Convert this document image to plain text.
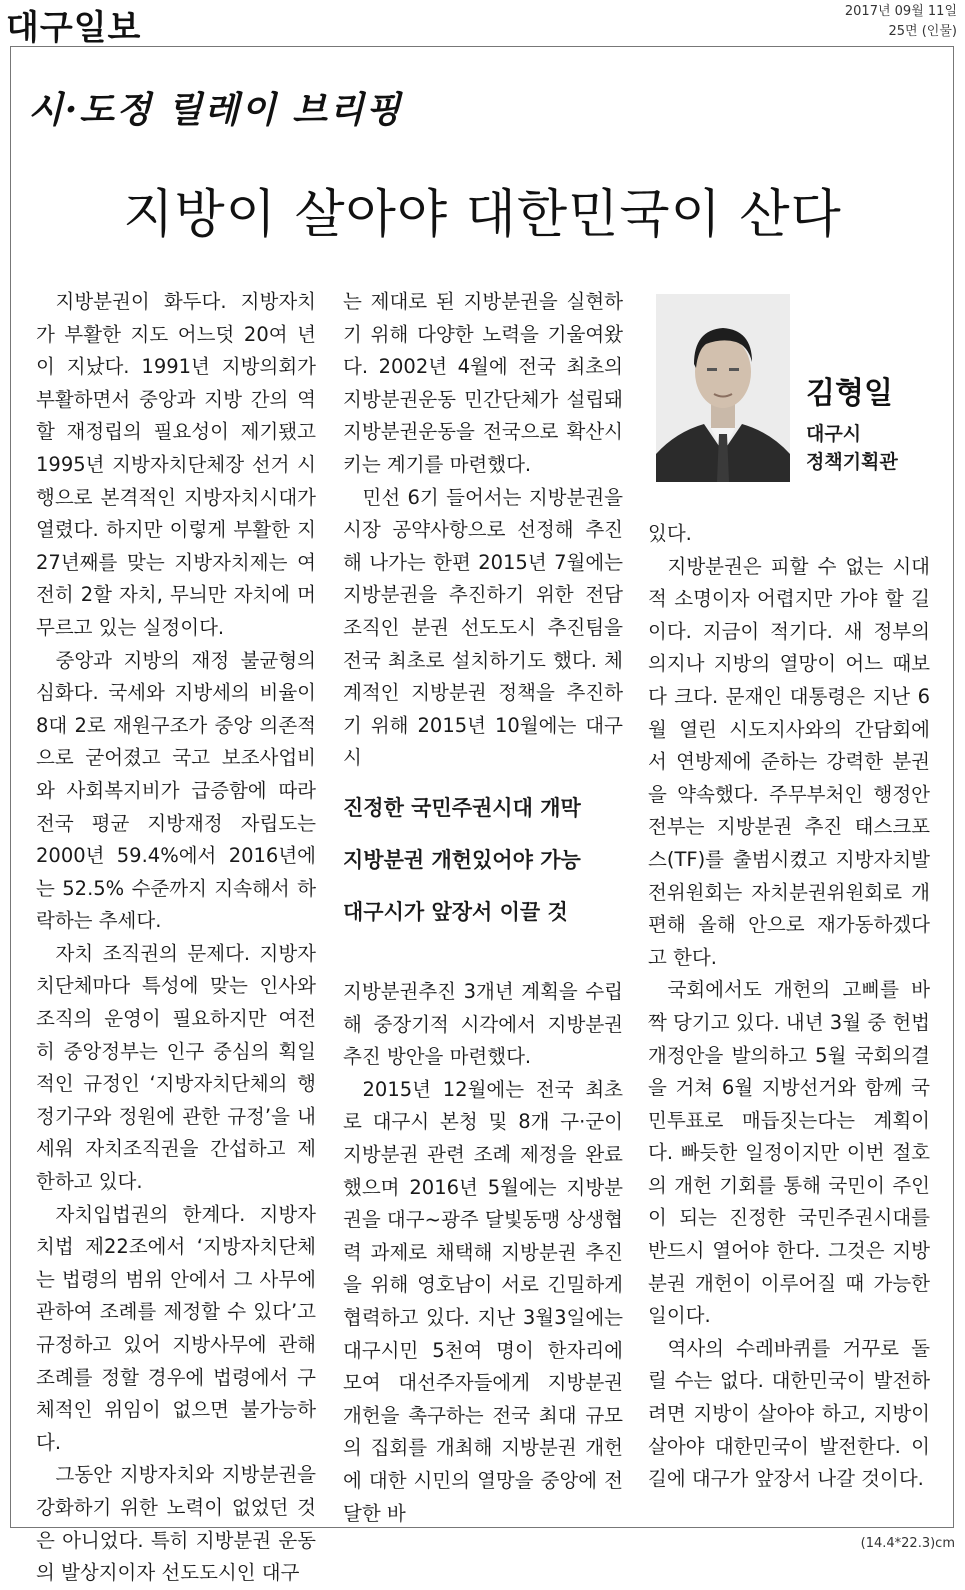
대구일보	2017년 09월 11일
25면 (인물)
시·도정 릴레이 브리핑
지방이 살아야 대한민국이 산다

지방분권이 화두다. 지방자치가 부활한 지도 어느덧 20여 년이 지났다. 1991년 지방의회가 부활하면서 중앙과 지방 간의 역할 재정립의 필요성이 제기됐고 1995년 지방자치단체장 선거 시행으로 본격적인 지방자치시대가 열렸다. 하지만 이렇게 부활한 지 27년째를 맞는 지방자치제는 여전히 2할 자치, 무늬만 자치에 머무르고 있는 실정이다.

중앙과 지방의 재정 불균형의 심화다. 국세와 지방세의 비율이 8대 2로 재원구조가 중앙 의존적으로 굳어졌고 국고 보조사업비와 사회복지비가 급증함에 따라 전국 평균 지방재정 자립도는 2000년 59.4%에서 2016년에는 52.5% 수준까지 지속해서 하락하는 추세다.

자치 조직권의 문제다. 지방자치단체마다 특성에 맞는 인사와 조직의 운영이 필요하지만 여전히 중앙정부는 인구 중심의 획일적인 규정인 ‘지방자치단체의 행정기구와 정원에 관한 규정’을 내세워 자치조직권을 간섭하고 제한하고 있다.

자치입법권의 한계다. 지방자치법 제22조에서 ‘지방자치단체는 법령의 범위 안에서 그 사무에 관하여 조례를 제정할 수 있다’고 규정하고 있어 지방사무에 관해 조례를 정할 경우에 법령에서 구체적인 위임이 없으면 불가능하다.

그동안 지방자치와 지방분권을 강화하기 위한 노력이 없었던 것은 아니었다. 특히 지방분권 운동의 발상지이자 선도도시인 대구

는 제대로 된 지방분권을 실현하기 위해 다양한 노력을 기울여왔다. 2002년 4월에 전국 최초의 지방분권운동 민간단체가 설립돼 지방분권운동을 전국으로 확산시키는 계기를 마련했다.

민선 6기 들어서는 지방분권을 시장 공약사항으로 선정해 추진해 나가는 한편 2015년 7월에는 지방분권을 추진하기 위한 전담 조직인 분권 선도도시 추진팀을 전국 최초로 설치하기도 했다. 체계적인 지방분권 정책을 추진하기 위해 2015년 10월에는 대구시

진정한 국민주권시대 개막
지방분권 개헌있어야 가능
대구시가 앞장서 이끌 것

지방분권추진 3개년 계획을 수립해 중장기적 시각에서 지방분권 추진 방안을 마련했다.

2015년 12월에는 전국 최초로 대구시 본청 및 8개 구·군이 지방분권 관련 조례 제정을 완료했으며 2016년 5월에는 지방분권을 대구~광주 달빛동맹 상생협력 과제로 채택해 지방분권 추진을 위해 영호남이 서로 긴밀하게 협력하고 있다. 지난 3월3일에는 대구시민 5천여 명이 한자리에 모여 대선주자들에게 지방분권 개헌을 촉구하는 전국 최대 규모의 집회를 개최해 지방분권 개헌에 대한 시민의 열망을 중앙에 전달한 바

김형일
대구시
정책기획관

있다.

지방분권은 피할 수 없는 시대적 소명이자 어렵지만 가야 할 길이다. 지금이 적기다. 새 정부의 의지나 지방의 열망이 어느 때보다 크다. 문재인 대통령은 지난 6월 열린 시도지사와의 간담회에서 연방제에 준하는 강력한 분권을 약속했다. 주무부처인 행정안전부는 지방분권 추진 태스크포스(TF)를 출범시켰고 지방자치발전위원회는 자치분권위원회로 개편해 올해 안으로 재가동하겠다고 한다.

국회에서도 개헌의 고삐를 바짝 당기고 있다. 내년 3월 중 헌법개정안을 발의하고 5월 국회의결을 거쳐 6월 지방선거와 함께 국민투표로 매듭짓는다는 계획이다. 빠듯한 일정이지만 이번 절호의 개헌 기회를 통해 국민이 주인이 되는 진정한 국민주권시대를 반드시 열어야 한다. 그것은 지방분권 개헌이 이루어질 때 가능한 일이다.

역사의 수레바퀴를 거꾸로 돌릴 수는 없다. 대한민국이 발전하려면 지방이 살아야 하고, 지방이 살아야 대한민국이 발전한다. 이 길에 대구가 앞장서 나갈 것이다.

(14.4*22.3)cm
